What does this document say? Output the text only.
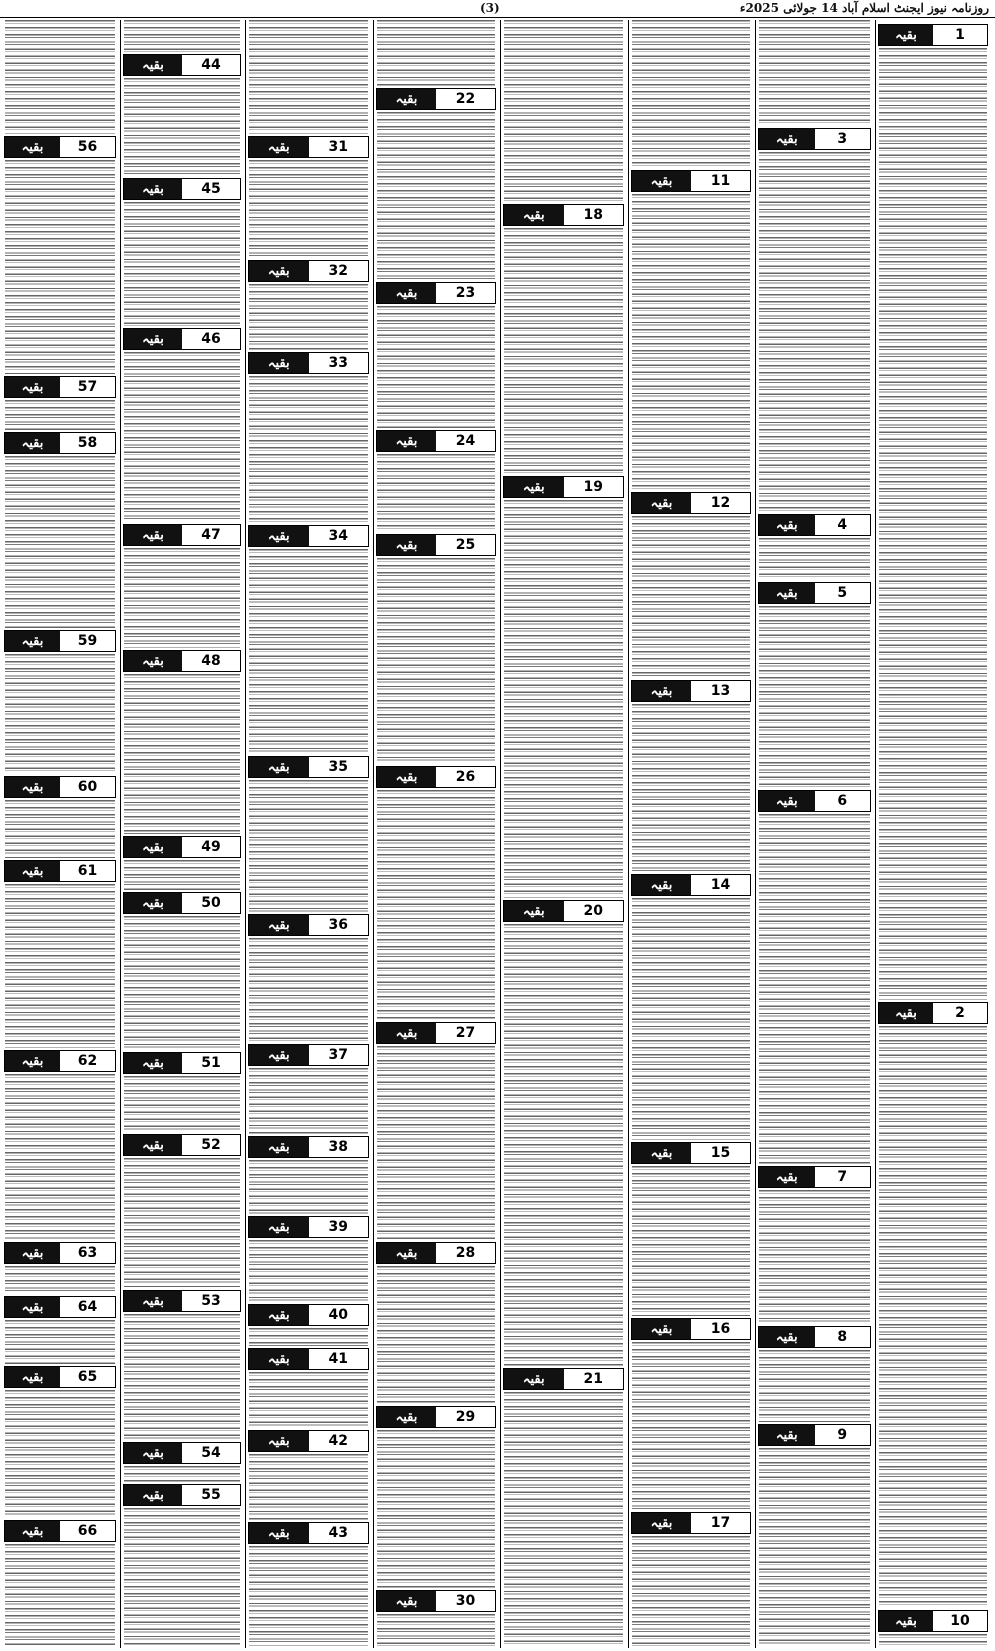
روزنامہ نیوز ایجنٹ اسلام آباد 14 جولائی 2025ء
(3)
بقیہ	1
بقیہ	2
بقیہ	10
بقیہ	3
بقیہ	4
بقیہ	5
بقیہ	6
بقیہ	7
بقیہ	8
بقیہ	9
بقیہ	11
بقیہ	12
بقیہ	13
بقیہ	14
بقیہ	15
بقیہ	16
بقیہ	17
بقیہ	18
بقیہ	19
بقیہ	20
بقیہ	21
بقیہ	22
بقیہ	23
بقیہ	24
بقیہ	25
بقیہ	26
بقیہ	27
بقیہ	28
بقیہ	29
بقیہ	30
بقیہ	31
بقیہ	32
بقیہ	33
بقیہ	34
بقیہ	35
بقیہ	36
بقیہ	37
بقیہ	38
بقیہ	39
بقیہ	40
بقیہ	41
بقیہ	42
بقیہ	43
بقیہ	44
بقیہ	45
بقیہ	46
بقیہ	47
بقیہ	48
بقیہ	49
بقیہ	50
بقیہ	51
بقیہ	52
بقیہ	53
بقیہ	54
بقیہ	55
بقیہ	56
بقیہ	57
بقیہ	58
بقیہ	59
بقیہ	60
بقیہ	61
بقیہ	62
بقیہ	63
بقیہ	64
بقیہ	65
بقیہ	66
